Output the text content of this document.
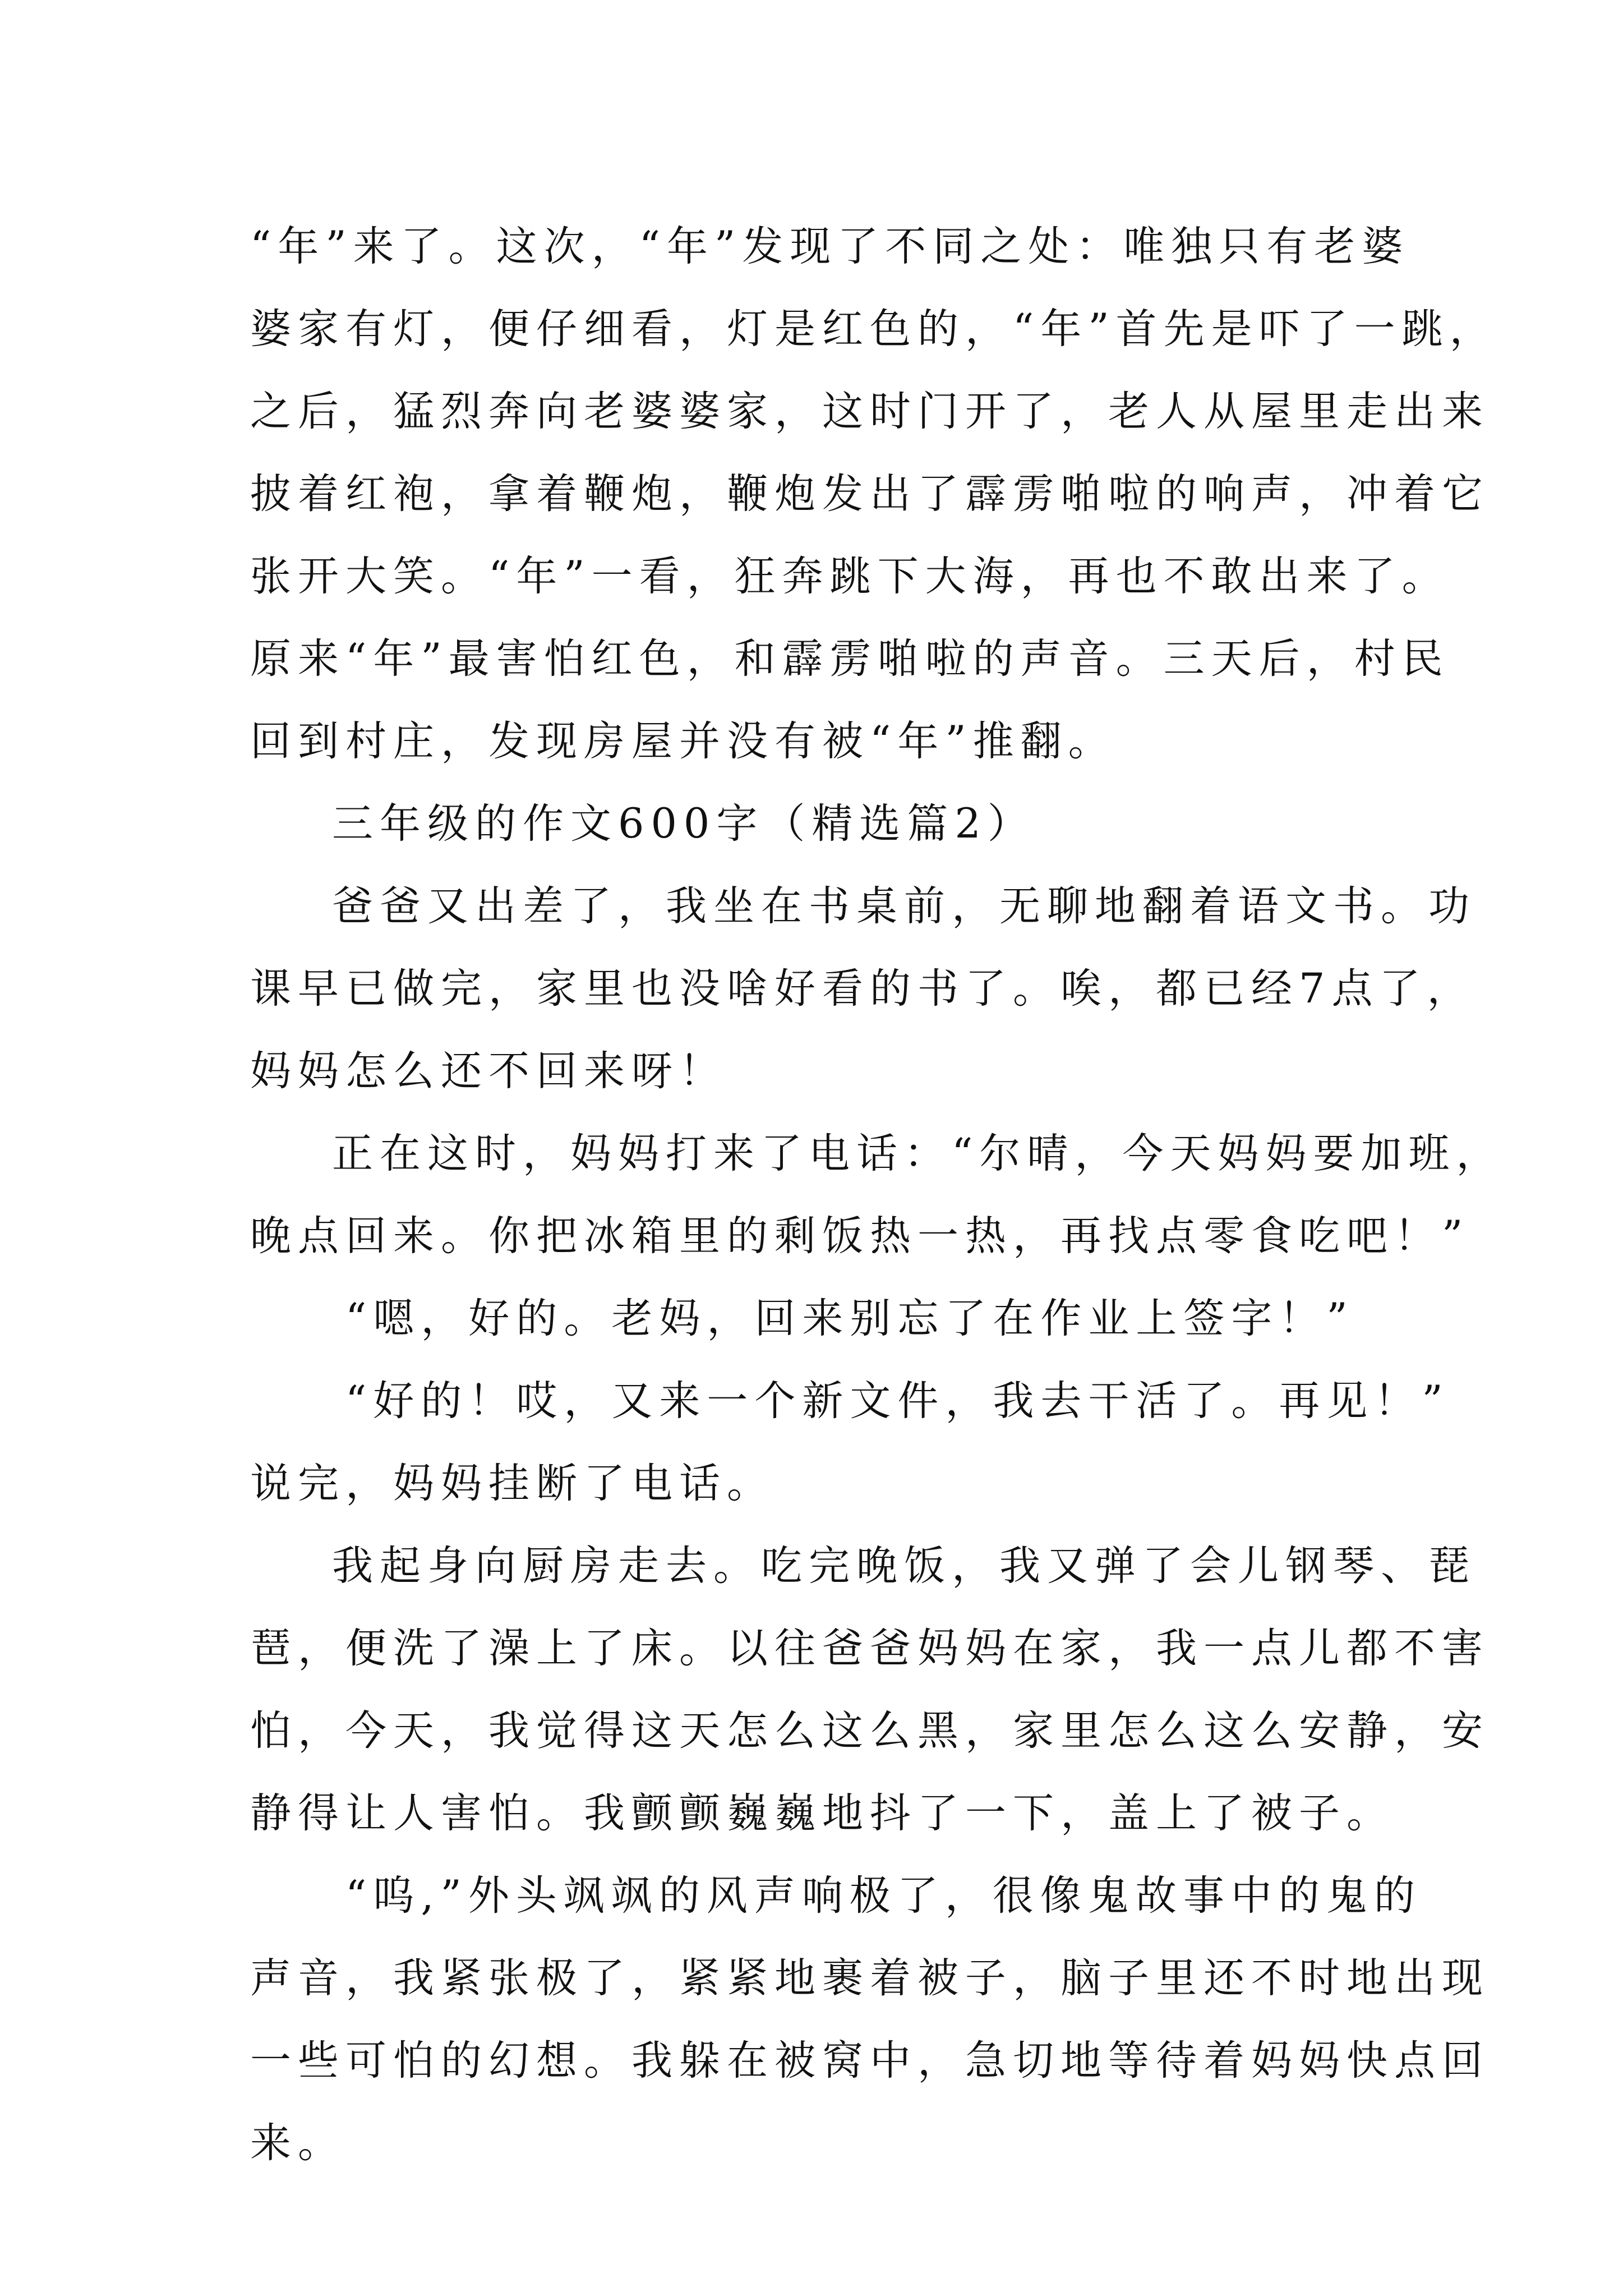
“年”来了。这次，“年”发现了不同之处：唯独只有老婆
婆家有灯，便仔细看，灯是红色的，“年”首先是吓了一跳，
之后，猛烈奔向老婆婆家，这时门开了，老人从屋里走出来
披着红袍，拿着鞭炮，鞭炮发出了霹雳啪啦的响声，冲着它
张开大笑。“年”一看，狂奔跳下大海，再也不敢出来了。
原来“年”最害怕红色，和霹雳啪啦的声音。三天后，村民
回到村庄，发现房屋并没有被“年”推翻。
三年级的作文600字（精选篇2）
爸爸又出差了，我坐在书桌前，无聊地翻着语文书。功
课早已做完，家里也没啥好看的书了。唉，都已经7点了，
妈妈怎么还不回来呀！
正在这时，妈妈打来了电话：“尔晴，今天妈妈要加班，
晚点回来。你把冰箱里的剩饭热一热，再找点零食吃吧！”
“嗯，好的。老妈，回来别忘了在作业上签字！”
“好的！哎，又来一个新文件，我去干活了。再见！”
说完，妈妈挂断了电话。
我起身向厨房走去。吃完晚饭，我又弹了会儿钢琴、琵
琶，便洗了澡上了床。以往爸爸妈妈在家，我一点儿都不害
怕，今天，我觉得这天怎么这么黑，家里怎么这么安静，安
静得让人害怕。我颤颤巍巍地抖了一下，盖上了被子。
“呜,”外头飒飒的风声响极了，很像鬼故事中的鬼的
声音，我紧张极了，紧紧地裹着被子，脑子里还不时地出现
一些可怕的幻想。我躲在被窝中，急切地等待着妈妈快点回
来。
